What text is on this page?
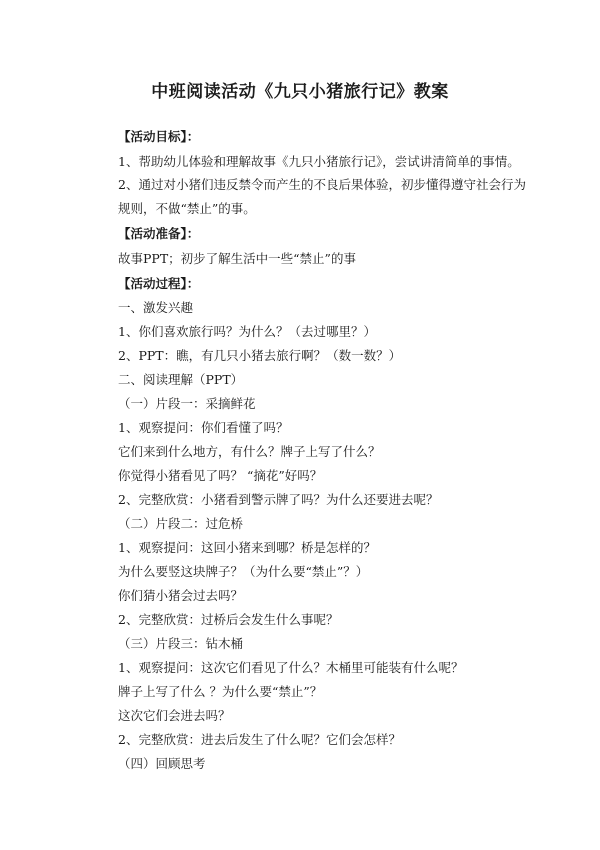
中班阅读活动《九只小猪旅行记》教案
【活动目标】：
1、帮助幼儿体验和理解故事《九只小猪旅行记》，尝试讲清简单的事情。
2、通过对小猪们违反禁令而产生的不良后果体验，初步懂得遵守社会行为
规则，不做“禁止”的事。
【活动准备】：
故事PPT；初步了解生活中一些“禁止”的事
【活动过程】：
一、激发兴趣
1、你们喜欢旅行吗？为什么？（去过哪里？）
2、PPT：瞧，有几只小猪去旅行啊？（数一数？）
二、阅读理解（PPT）
（一）片段一：采摘鲜花
1、观察提问：你们看懂了吗？
它们来到什么地方，有什么？牌子上写了什么？
你觉得小猪看见了吗？ “摘花”好吗？
2、完整欣赏：小猪看到警示牌了吗？为什么还要进去呢？
（二）片段二：过危桥
1、观察提问：这回小猪来到哪？桥是怎样的？
为什么要竖这块牌子？（为什么要“禁止”？）
你们猜小猪会过去吗？
2、完整欣赏：过桥后会发生什么事呢？
（三）片段三：钻木桶
1、观察提问：这次它们看见了什么？木桶里可能装有什么呢？
牌子上写了什么 ？为什么要“禁止”？
这次它们会进去吗？
2、完整欣赏：进去后发生了什么呢？它们会怎样？
（四）回顾思考
